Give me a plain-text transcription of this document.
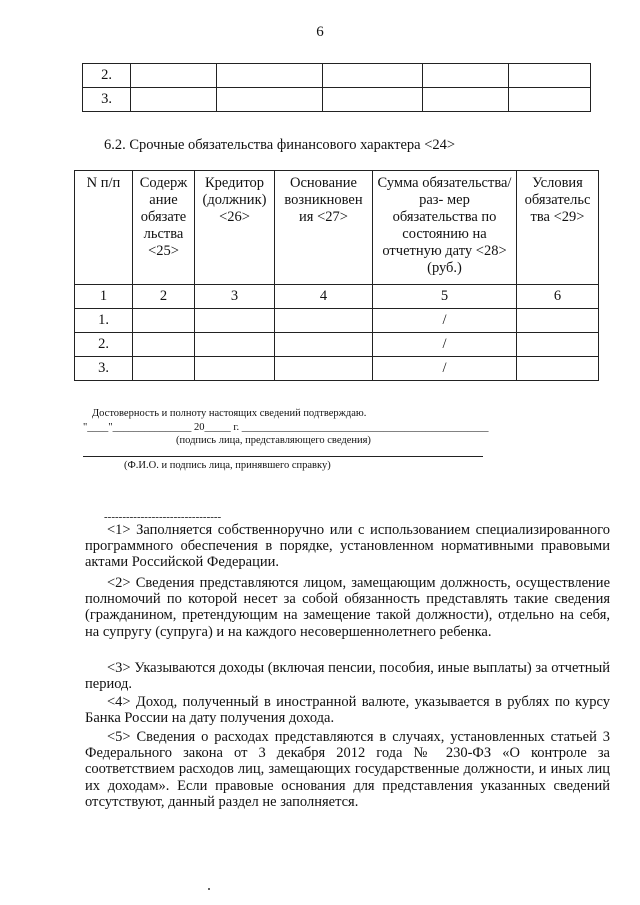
6
2.					
3.					
6.2. Срочные обязательства финансового характера <24>
N п/п	Содерж ание обязате льства <25>	Кредитор (должник) <26>	Основание возникновен ия <27>	Сумма обязательства/раз- мер обязательства по состоянию на отчетную дату <28> (руб.)	Условия обязательс тва <29>
1	2	3	4	5	6
1.				/	
2.				/	
3.				/	
Достоверность и полноту настоящих сведений подтверждаю.
"____"_______________ 20_____ г. _______________________________________________
(подпись лица, представляющего сведения)
(Ф.И.О. и подпись лица, принявшего справку)
--------------------------------

<1> Заполняется собственноручно или с использованием специализированного программного обеспечения в порядке, установленном нормативными правовыми актами Российской Федерации.

<2> Сведения представляются лицом, замещающим должность, осуществление полномочий по которой несет за собой обязанность представлять такие сведения (гражданином, претендующим на замещение такой должности), отдельно на себя, на супругу (супруга) и на каждого несовершеннолетнего ребенка.

<3> Указываются доходы (включая пенсии, пособия, иные выплаты) за отчетный период.

<4> Доход, полученный в иностранной валюте, указывается в рублях по курсу Банка России на дату получения дохода.

<5> Сведения о расходах представляются в случаях, установленных статьей 3 Федерального закона от 3 декабря 2012 года № 230-ФЗ «О контроле за соответствием расходов лиц, замещающих государственные должности, и иных лиц их доходам». Если правовые основания для представления указанных сведений отсутствуют, данный раздел не заполняется.
